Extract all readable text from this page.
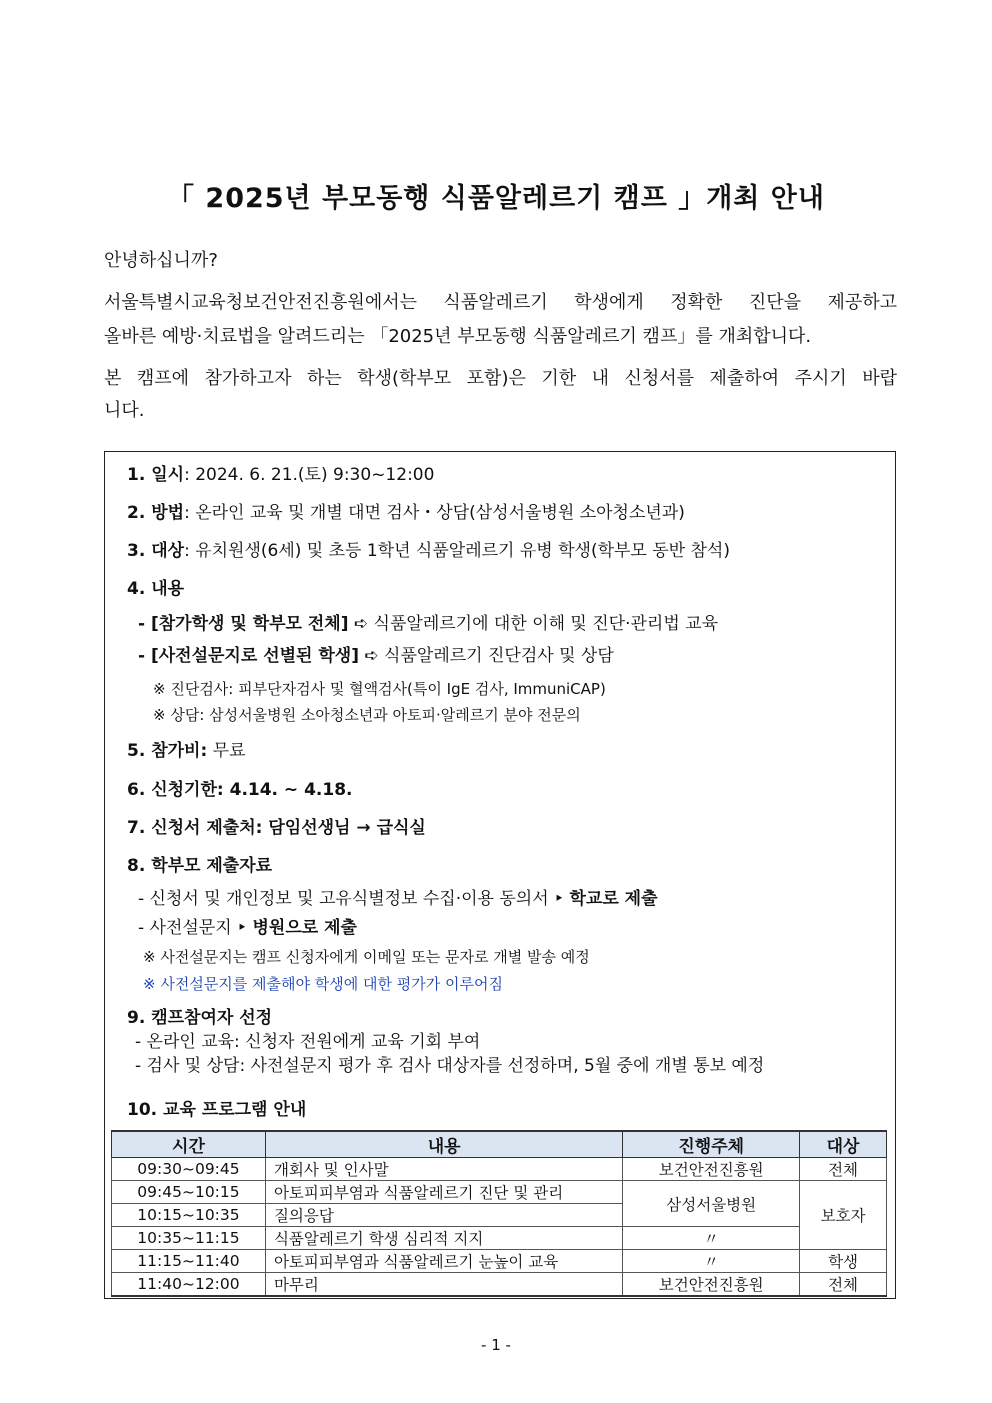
「 2025년 부모동행 식품알레르기 캠프 」개최 안내
안녕하십니까?
서울특별시교육청보건안전진흥원에서는 식품알레르기 학생에게 정확한 진단을 제공하고
올바른 예방·치료법을 알려드리는 「2025년 부모동행 식품알레르기 캠프」를 개최합니다.
본 캠프에 참가하고자 하는 학생(학부모 포함)은 기한 내 신청서를 제출하여 주시기 바랍
니다.
1. 일시: 2024. 6. 21.(토) 9:30~12:00
2. 방법: 온라인 교육 및 개별 대면 검사・상담(삼성서울병원 소아청소년과)
3. 대상: 유치원생(6세) 및 초등 1학년 식품알레르기 유병 학생(학부모 동반 참석)
4. 내용
- [참가학생 및 학부모 전체] ➪ 식품알레르기에 대한 이해 및 진단·관리법 교육
- [사전설문지로 선별된 학생] ➪ 식품알레르기 진단검사 및 상담
※ 진단검사: 피부단자검사 및 혈액검사(특이 IgE 검사, ImmuniCAP)
※ 상담: 삼성서울병원 소아청소년과 아토피·알레르기 분야 전문의
5. 참가비: 무료
6. 신청기한: 4.14. ~ 4.18.
7. 신청서 제출처: 담임선생님 → 급식실
8. 학부모 제출자료
- 신청서 및 개인정보 및 고유식별정보 수집·이용 동의서 ‣ 학교로 제출
- 사전설문지 ‣ 병원으로 제출
※ 사전설문지는 캠프 신청자에게 이메일 또는 문자로 개별 발송 예정
※ 사전설문지를 제출해야 학생에 대한 평가가 이루어짐
9. 캠프참여자 선정
- 온라인 교육: 신청자 전원에게 교육 기회 부여
- 검사 및 상담: 사전설문지 평가 후 검사 대상자를 선정하며, 5월 중에 개별 통보 예정
10. 교육 프로그램 안내
시간	내용	진행주체	대상
09:30~09:45	개회사 및 인사말	보건안전진흥원	전체
09:45~10:15	아토피피부염과 식품알레르기 진단 및 관리	삼성서울병원	보호자
10:15~10:35	질의응답		
10:35~11:15	식품알레르기 학생 심리적 지지	〃	
11:15~11:40	아토피피부염과 식품알레르기 눈높이 교육	〃	학생
11:40~12:00	마무리	보건안전진흥원	전체
- 1 -
